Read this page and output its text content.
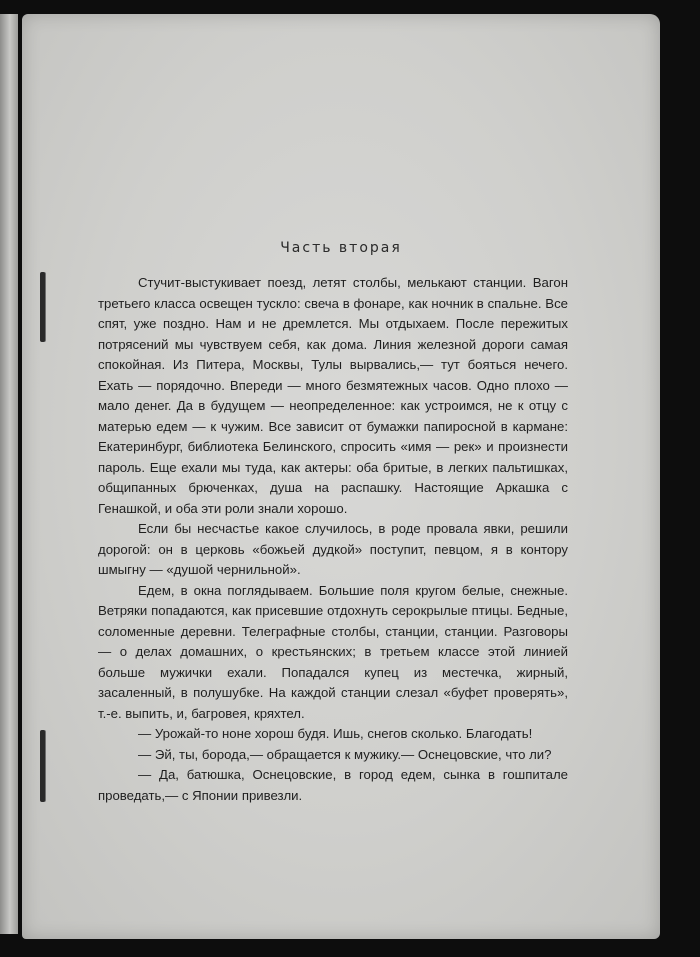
Часть вторая

Стучит-выстукивает поезд, летят столбы, мелькают станции. Вагон третьего класса освещен тускло: свеча в фонаре, как ночник в спальне. Все спят, уже поздно. Нам и не дремлется. Мы отдыхаем. После пережитых потрясений мы чувствуем себя, как дома. Линия железной дороги самая спокойная. Из Питера, Москвы, Тулы вырвались,— тут бояться нечего. Ехать — порядочно. Впереди — много безмятежных часов. Одно плохо — мало денег. Да в будущем — неопределенное: как устроимся, не к отцу с матерью едем — к чужим. Все зависит от бумажки папиросной в кармане: Екатеринбург, библиотека Белинского, спросить «имя — рек» и произнести пароль. Еще ехали мы туда, как актеры: оба бритые, в легких пальтишках, общипанных брюченках, душа на распашку. Настоящие Аркашка с Генашкой, и оба эти роли знали хорошо.

Если бы несчастье какое случилось, в роде провала явки, решили дорогой: он в церковь «божьей дудкой» поступит, певцом, я в контору шмыгну — «душой чернильной».

Едем, в окна поглядываем. Большие поля кругом белые, снежные. Ветряки попадаются, как присевшие отдохнуть серокрылые птицы. Бедные, соломенные деревни. Телеграфные столбы, станции, станции. Разговоры — о делах домашних, о крестьянских; в третьем классе этой линией больше мужички ехали. Попадался купец из местечка, жирный, засаленный, в полушубке. На каждой станции слезал «буфет проверять», т.-е. выпить, и, багровея, кряхтел.

— Урожай-то ноне хорош будя. Ишь, снегов сколько. Благодать!

— Эй, ты, борода,— обращается к мужику.— Оснецовские, что ли?

— Да, батюшка, Оснецовские, в город едем, сынка в гошпитале проведать,— с Японии привезли.
